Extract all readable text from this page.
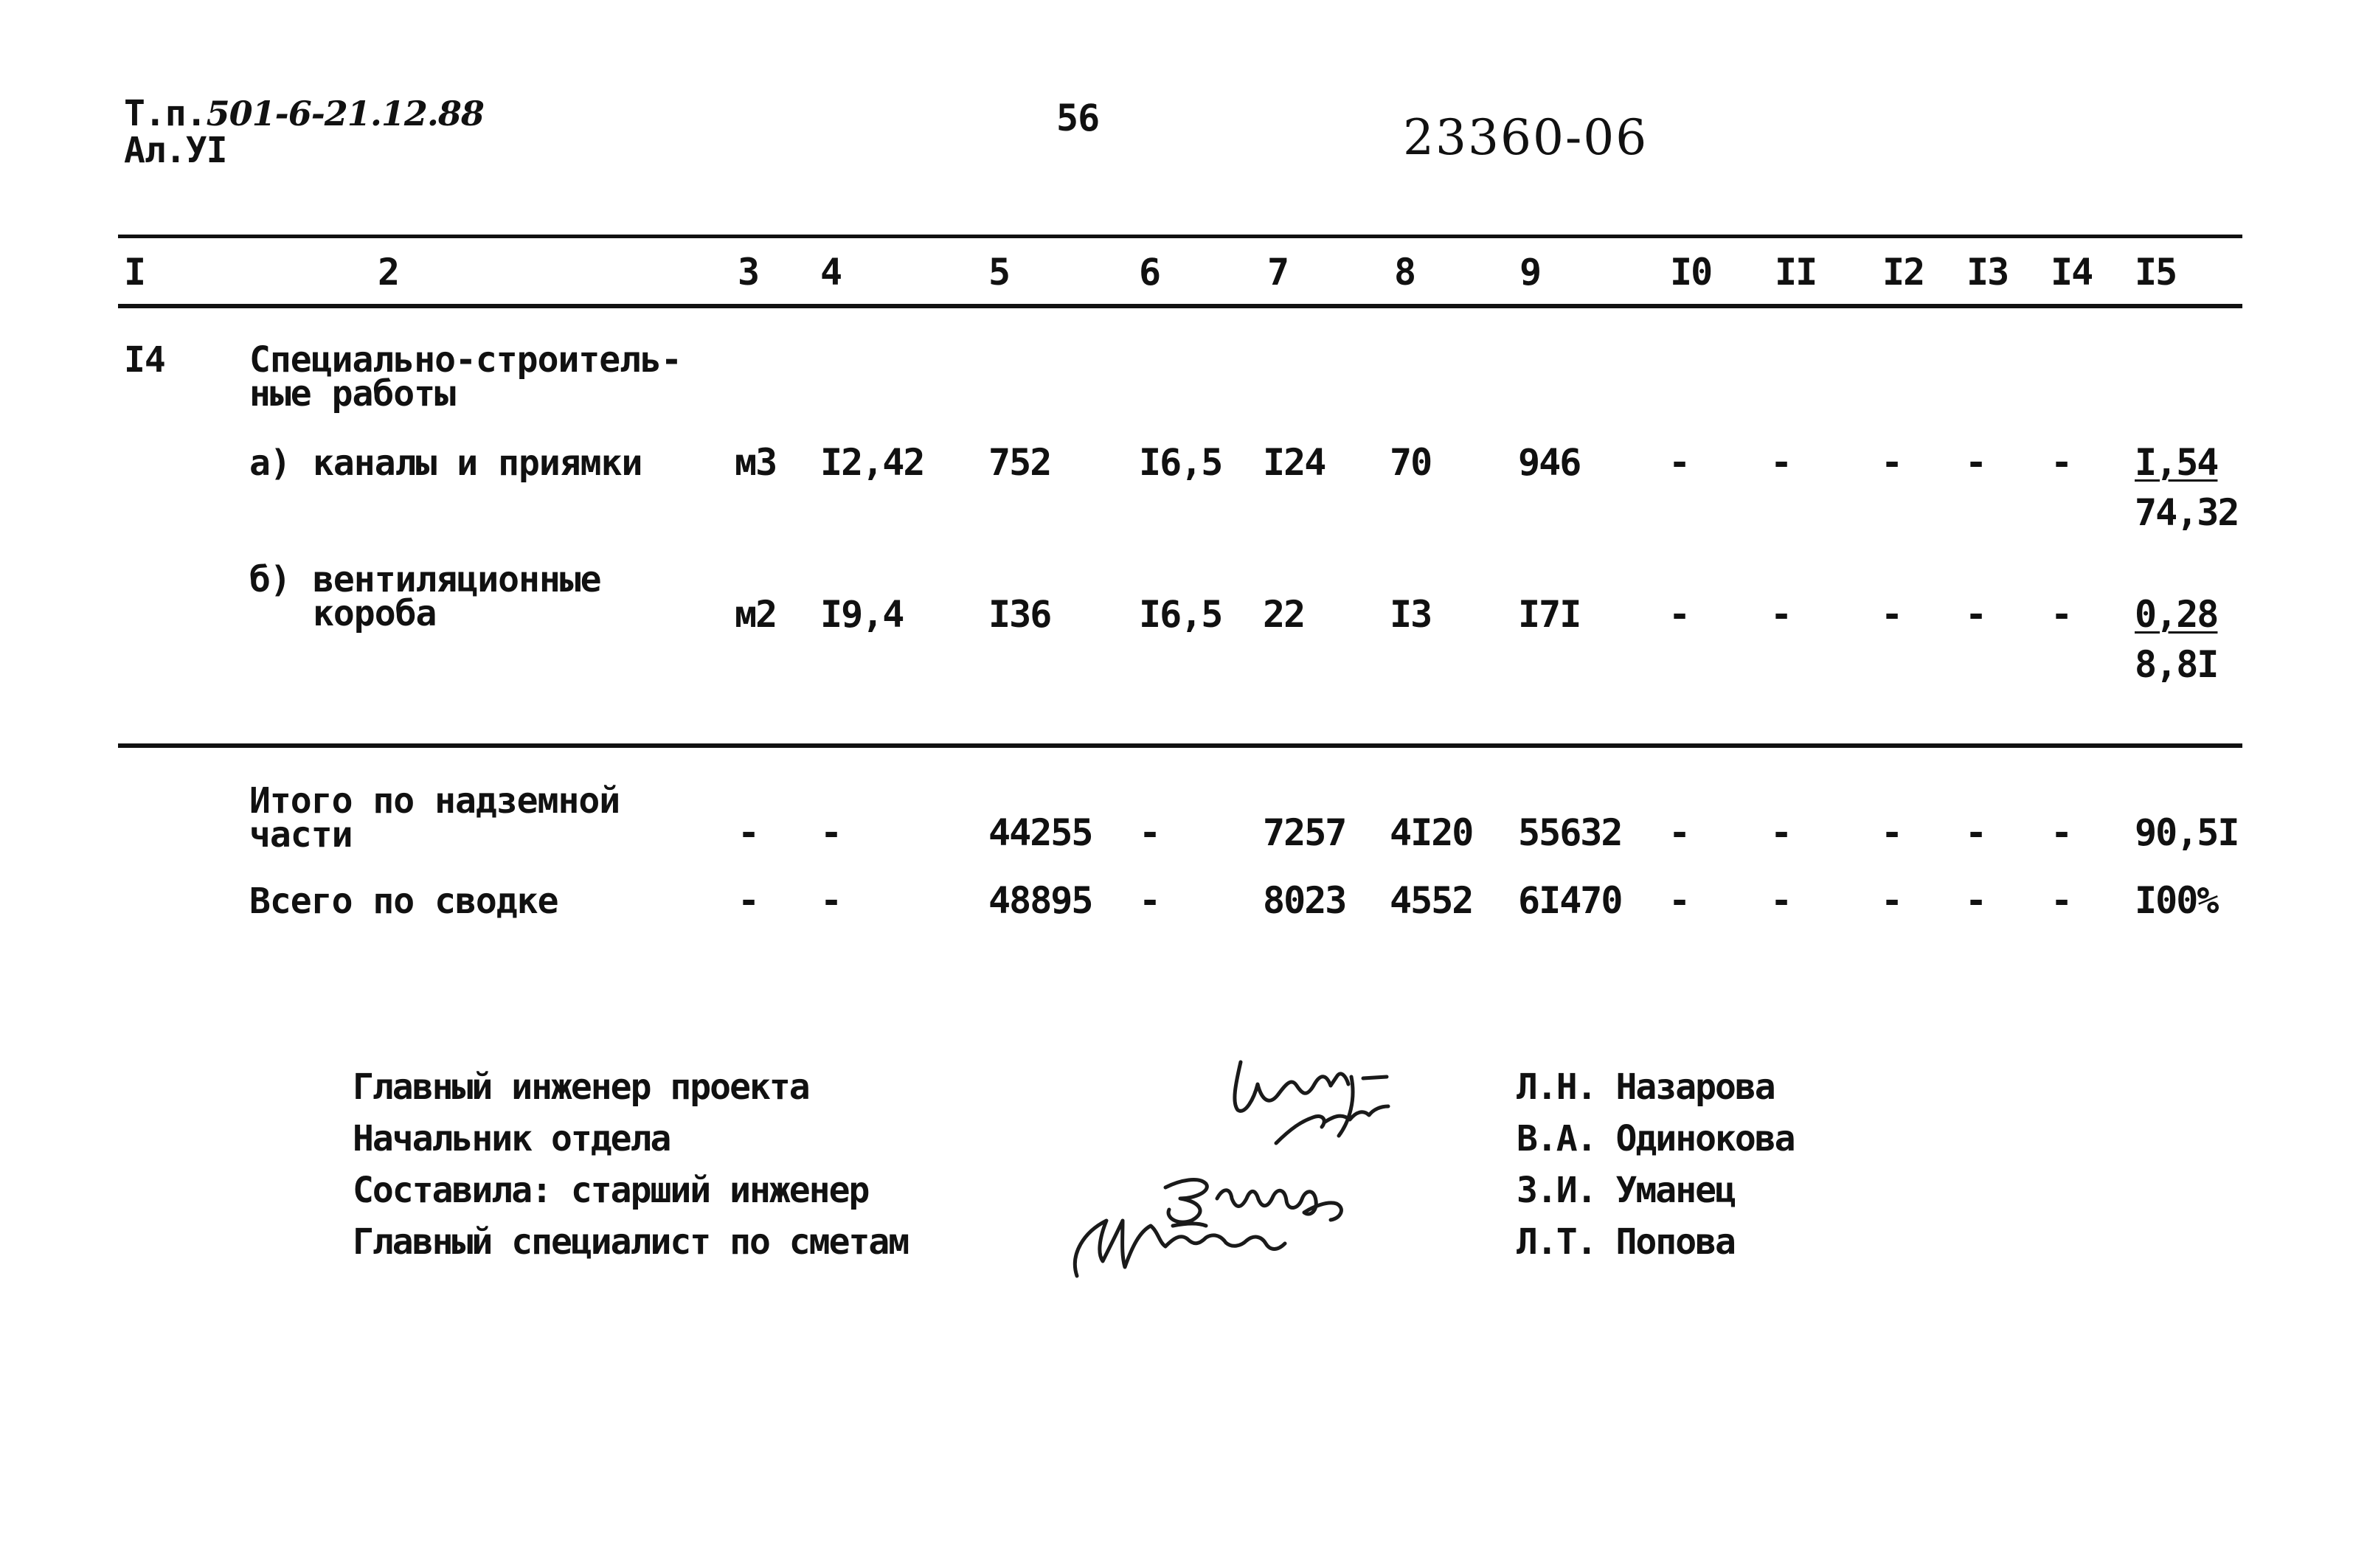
Т.п.501-6-21.12.88
Ал.УI
56	23360-06
I	2	3 4	5	6	7	8	9	I0 II I2 I3 I4 I5
I4 Специально-строитель-
ные работы
а) каналы и приямки	м3 I2,42 752 I6,5 I24 70 946 - - - - - I,54
74,32
б) вентиляционные
короба	м2 I9,4 I36 I6,5 22 I3 I7I - - - - - 0,28
8,8I
Итого по надземной
части	- -	44255 -	7257 4I20 55632 - - - - - 90,5I
Всего по сводке	- -	48895 -	8023 4552 6I470 - - - - - I00%
Главный инженер проекта
Начальник отдела
Составила: старший инженер
Главный специалист по сметам
Л.Н. Назарова
В.А. Одинокова
З.И. Уманец
Л.Т. Попова
